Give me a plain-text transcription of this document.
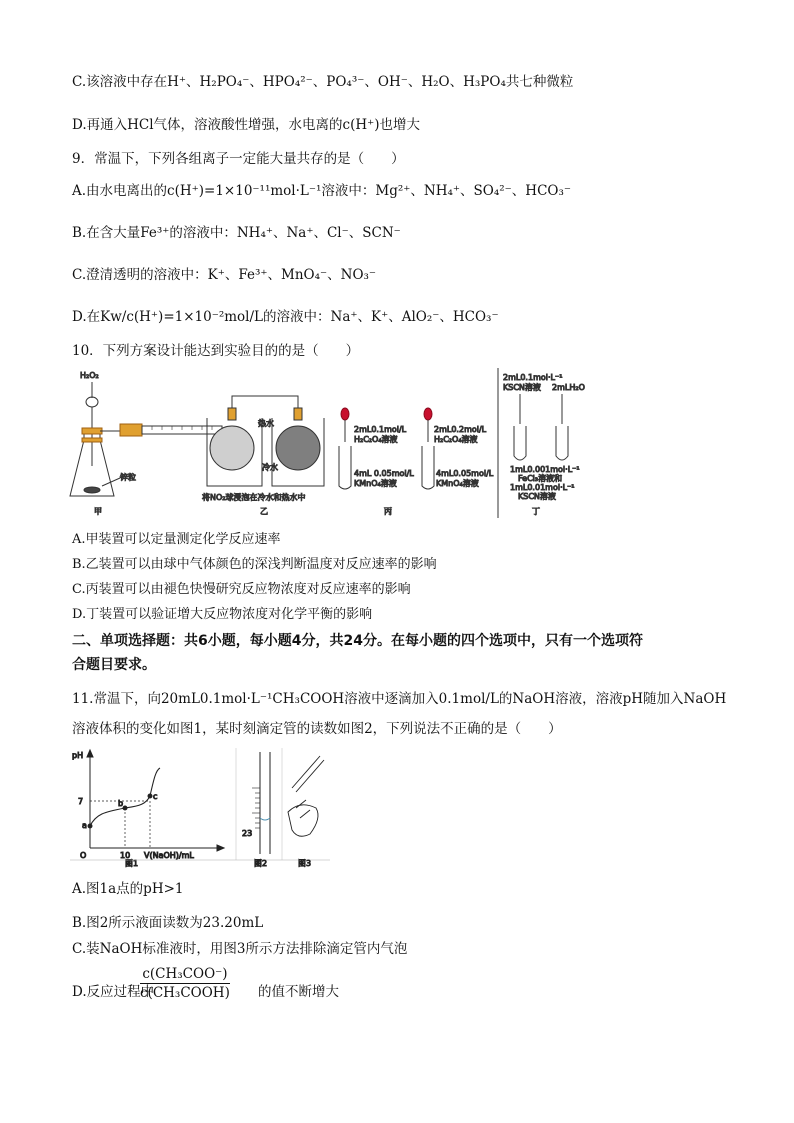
C.该溶液中存在H⁺、H₂PO₄⁻、HPO₄²⁻、PO₄³⁻、OH⁻、H₂O、H₃PO₄共七种微粒
D.再通入HCl气体，溶液酸性增强，水电离的c(H⁺)也增大
9．常温下，下列各组离子一定能大量共存的是（　　）
A.由水电离出的c(H⁺)=1×10⁻¹¹mol·L⁻¹溶液中：Mg²⁺、NH₄⁺、SO₄²⁻、HCO₃⁻
B.在含大量Fe³⁺的溶液中：NH₄⁺、Na⁺、Cl⁻、SCN⁻
C.澄清透明的溶液中：K⁺、Fe³⁺、MnO₄⁻、NO₃⁻
D.在Kw/c(H⁺)=1×10⁻²mol/L的溶液中：Na⁺、K⁺、AlO₂⁻、HCO₃⁻
10．下列方案设计能达到实验目的的是（　　）
H₂O₂
锌粒
甲
热水
冷水
将NO₂球浸泡在冷水和热水中
乙
2mL0.1mol/L
H₂C₂O₄溶液
2mL0.2mol/L
H₂C₂O₄溶液
4mL 0.05mol/L
KMnO₄溶液
4mL0.05mol/L
KMnO₄溶液
丙
2mL0.1mol·L⁻¹
KSCN溶液 2mLH₂O
1mL0.001mol·L⁻¹
FeCl₃溶液和
1mL0.01mol·L⁻¹
KSCN溶液
丁
A.甲装置可以定量测定化学反应速率
B.乙装置可以由球中气体颜色的深浅判断温度对反应速率的影响
C.丙装置可以由褪色快慢研究反应物浓度对反应速率的影响
D.丁装置可以验证增大反应物浓度对化学平衡的影响
二、单项选择题：共6小题，每小题4分，共24分。在每小题的四个选项中，只有一个选项符
合题目要求。
11.常温下，向20mL0.1mol·L⁻¹CH₃COOH溶液中逐滴加入0.1mol/L的NaOH溶液，溶液pH随加入NaOH
溶液体积的变化如图1，某时刻滴定管的读数如图2，下列说法不正确的是（　　）
pH
7
a
b
c
O	10 V(NaOH)/mL
图1
23
图2	图3
A.图1a点的pH>1
B.图2所示液面读数为23.20mL
C.装NaOH标准液时，用图3所示方法排除滴定管内气泡
D.反应过程中
c(CH₃COO⁻)
c(CH₃COOH) 的值不断增大
